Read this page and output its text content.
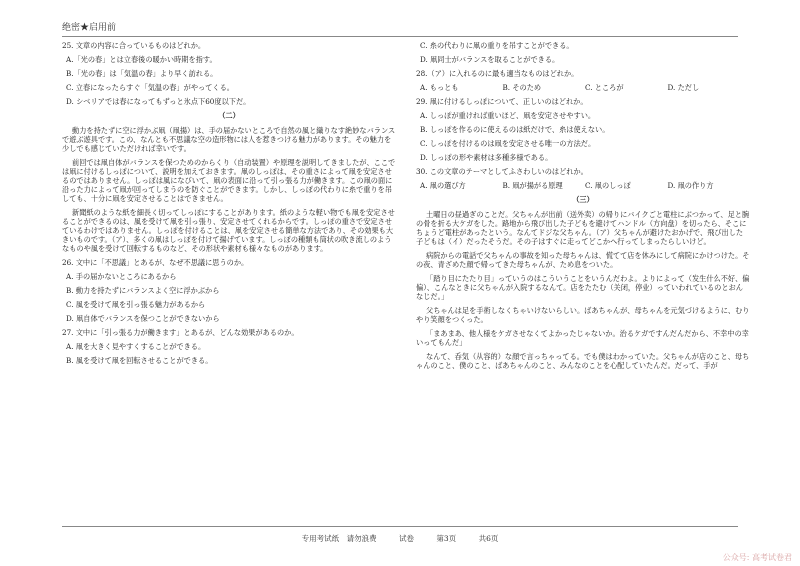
绝密★启用前
25. 文章の内容に合っているものはどれか。
A.「光の春」とは立春後の暖かい時期を指す。
B.「光の春」は「気温の春」より早く訪れる。
C. 立春になったらすぐ「気温の春」がやってくる。
D. シベリアでは春になってもずっと氷点下60度以下だ。
（二）
動力を持たずに空に浮かぶ凧（凧揚）は、手の届かないところで自然の風と織りなす絶妙なバランスで遊ぶ遊具です。この、なんとも不思議な空の造形物には人を惹きつける魅力があります。その魅力を少しでも感じていただければ幸いです。
前回では凧自体がバランスを保つためのからくり（自动装置）や原理を説明してきましたが、ここでは凧に付けるしっぽについて、説明を加えておきます。凧のしっぽは、その重さによって凧を安定させるのではありません。しっぽは風になびいて、凧の表面に沿って引っ張る力が働きます。この凧の面に沿った力によって凧が回ってしまうのを防ぐことができます。しかし、しっぽの代わりに糸で重りを吊しても、十分に凧を安定させることはできません。
新聞紙のような紙を細長く切ってしっぽにすることがあります。紙のような軽い物でも凧を安定させることができるのは、風を受けて凧を引っ張り、安定させてくれるからです。しっぽの重さで安定させているわけではありません。しっぽを付けることは、凧を安定させる簡単な方法であり、その効果も大きいものです。（ア）、多くの凧はしっぽを付けて揚げています。しっぽの種類も筒状の吹き流しのようなものや風を受けて回転するものなど、その形状や素材も様々なものがあります。
26. 文中に「不思議」とあるが、なぜ不思議に思うのか。
A. 手の届かないところにあるから
B. 動力を持たずにバランスよく空に浮かぶから
C. 風を受けて凧を引っ張る魅力があるから
D. 凧自体でバランスを保つことができないから
27. 文中に「引っ張る力が働きます」とあるが、どんな効果があるのか。
A. 凧を大きく見やすくすることができる。
B. 風を受けて凧を回転させることができる。
C. 糸の代わりに凧の重りを吊すことができる。
D. 凧同士がバランスを取ることができる。
28.（ア）に入れるのに最も適当なものはどれか。
A. もっとも	B. そのため	C. ところが	D. ただし
29. 凧に付けるしっぽについて、正しいのはどれか。
A. しっぽが重ければ重いほど、凧を安定させやすい。
B. しっぽを作るのに使えるのは紙だけで、糸は使えない。
C. しっぽを付けるのは凧を安定させる唯一の方法だ。
D. しっぽの形や素材は多種多様である。
30. この文章のテーマとしてふさわしいのはどれか。
A. 凧の選び方	B. 凧が揚がる原理	C. 凧のしっぽ	D. 凧の作り方
（三）
土曜日の昼過ぎのことだ。父ちゃんが出前（送外卖）の帰りにバイクごと電柱にぶつかって、足と腕の骨を折る大ケガをした。路地から飛び出した子どもを避けてハンドル（方向盘）を切ったら、そこにちょうど電柱があったという。なんてドジな父ちゃん。（ア）父ちゃんが避けたおかげで、飛び出した子どもは（イ）だったそうだ。その子はすぐに走ってどこかへ行ってしまったらしいけど。
病院からの電話で父ちゃんの事故を知った母ちゃんは、慌てて店を休みにして病院にかけつけた。その夜、青ざめた顔で帰ってきた母ちゃんが、ため息をついた。
「踏り目にたたり目」っていうのはこういうことをいうんだわよ。よりによって（发生什么不好、偏偏）、こんなときに父ちゃんが入院するなんて。店をたたむ（关闭，停业）っていわれているのとおんなじだ。」
父ちゃんは足を手術しなくちゃいけないらしい。ばあちゃんが、母ちゃんを元気づけるように、むりやり笑顔をつくった。
「まあまあ、他人様をケガさせなくてよかったじゃないか。治るケガですんだんだから、不幸中の幸いってもんだ」
なんて、呑気（从容的）な顔で言っちゃってる。でも僕はわかっていた。父ちゃんが店のこと、母ちゃんのこと、僕のこと、ばあちゃんのこと、みんなのことを心配していたんだ。だって、手が
专用考试纸　请勿浪费	试卷	第3页	共6页
公众号: 高考试卷君
